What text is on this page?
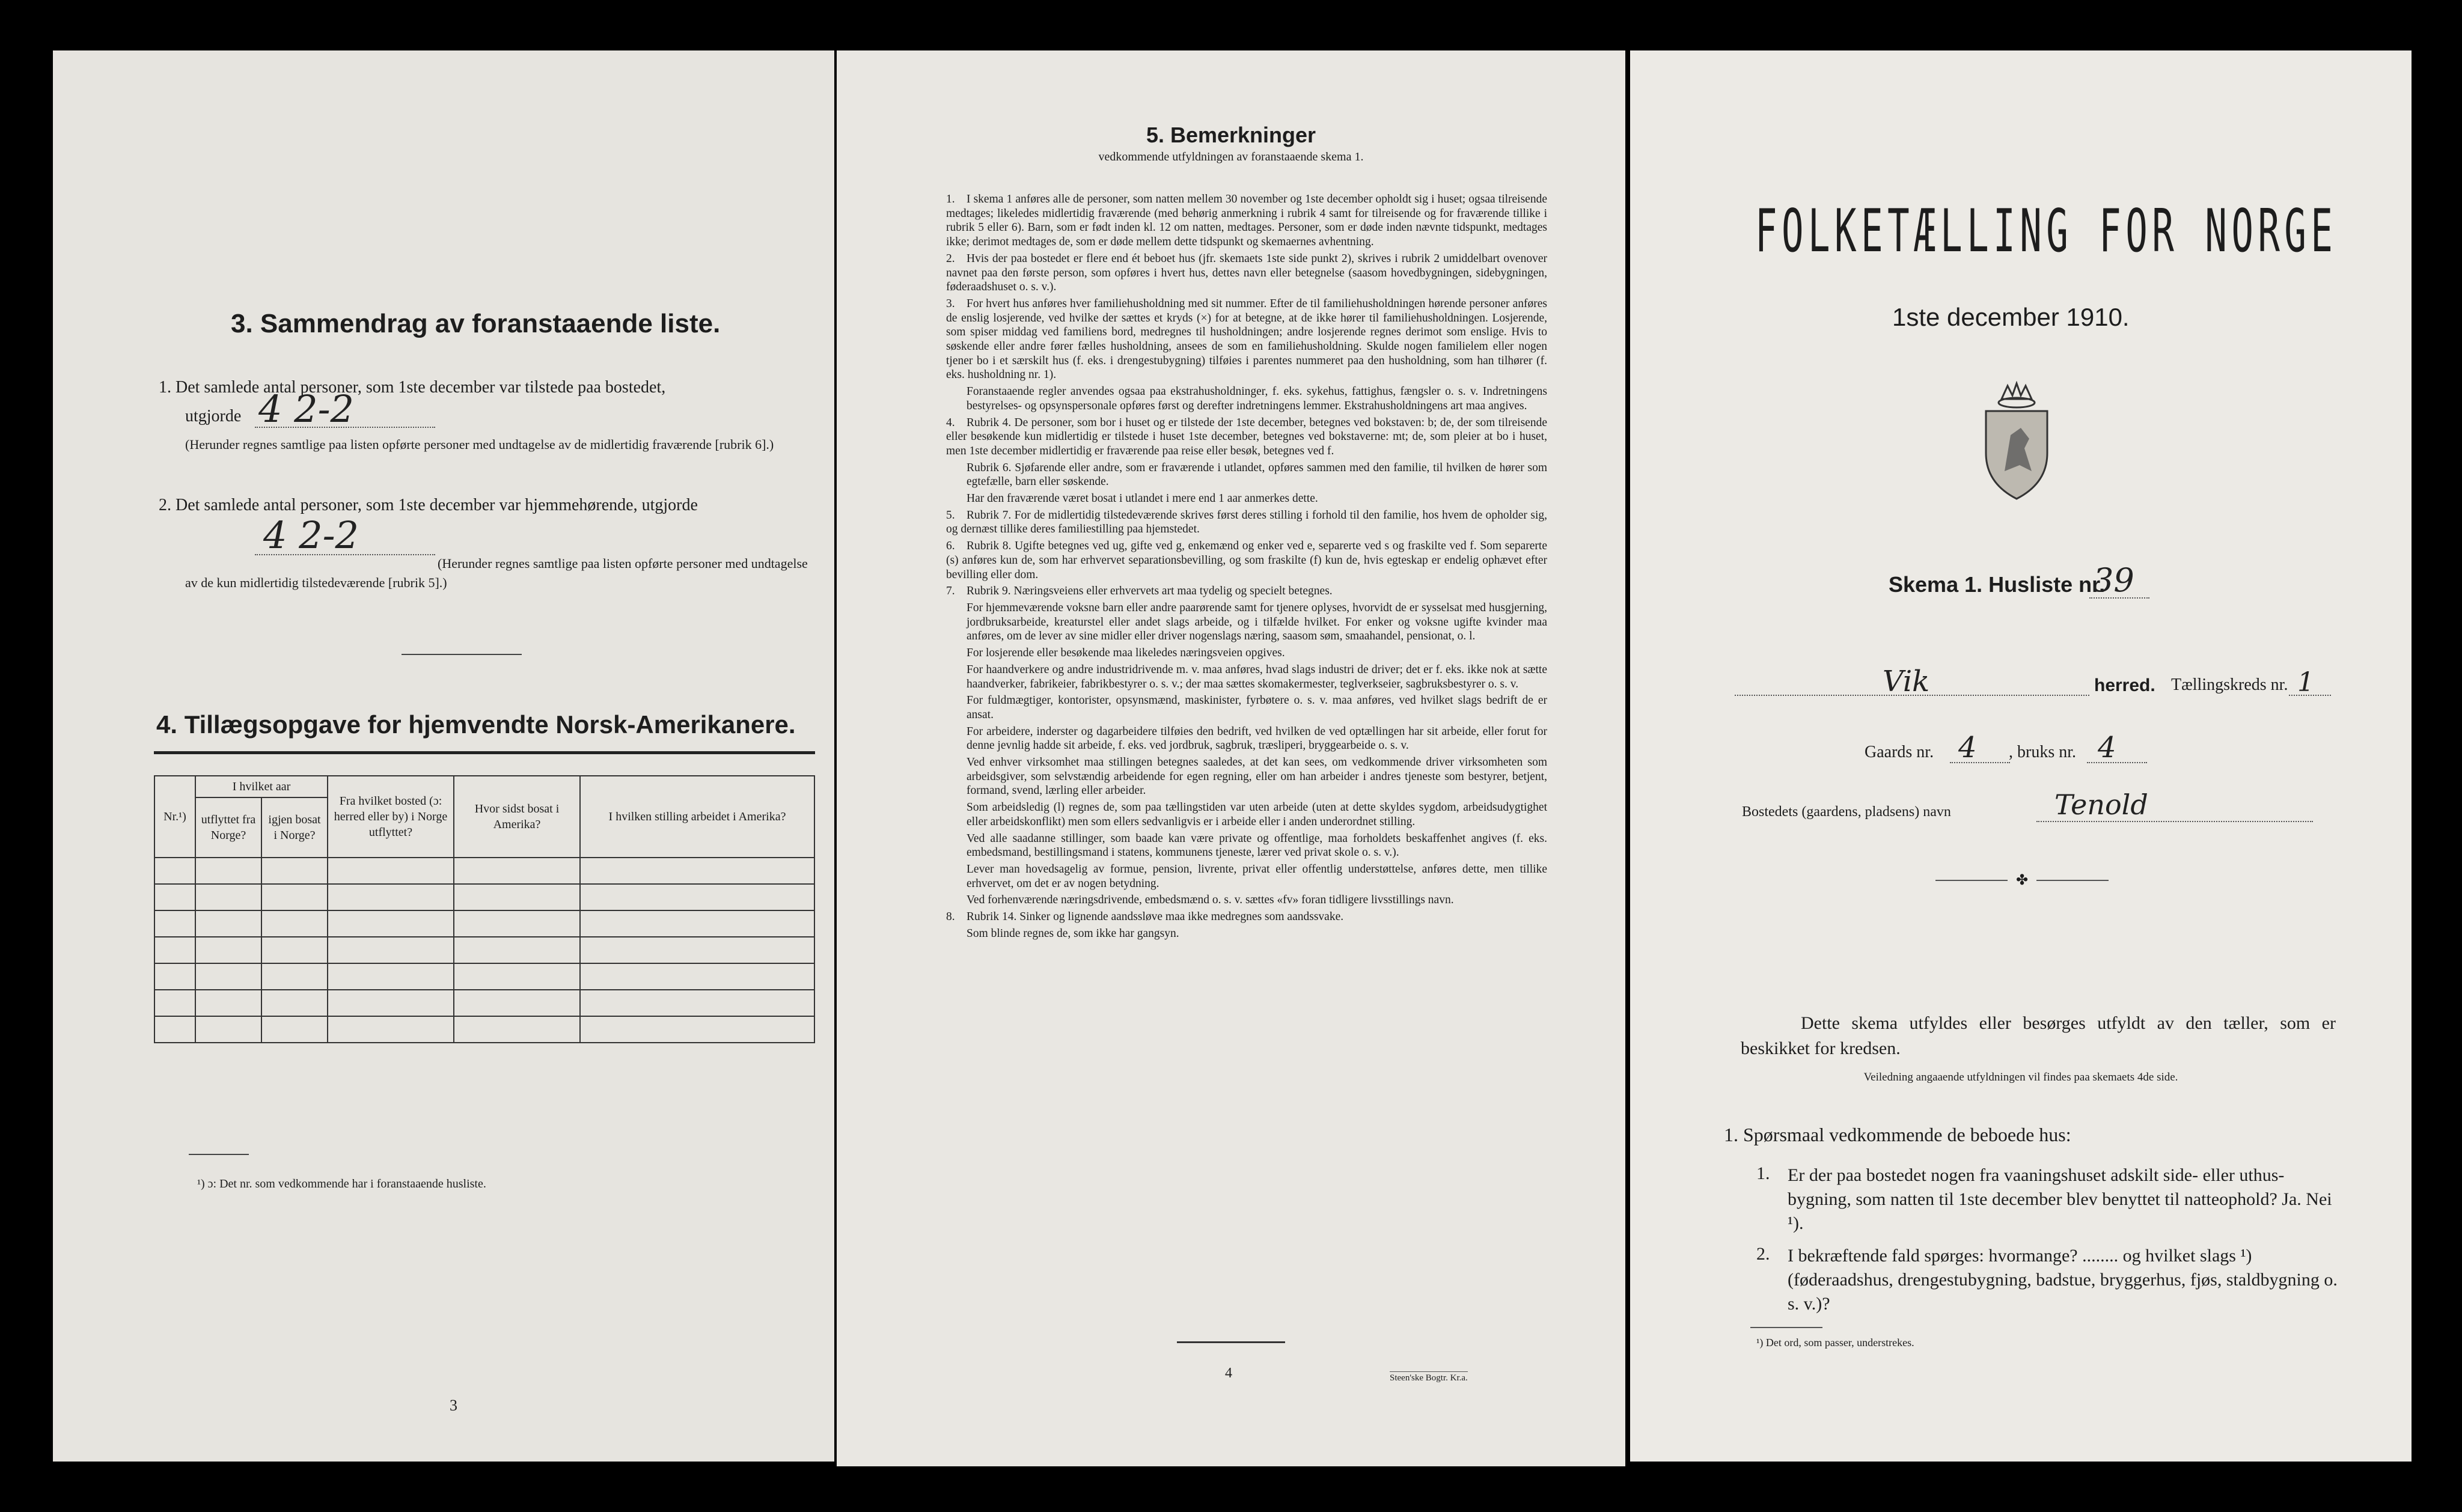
3. Sammendrag av foranstaaende liste.
1. Det samlede antal personer, som 1ste december var tilstede paa bostedet,
utgjorde 4 2-2
(Herunder regnes samtlige paa listen opførte personer med undtagelse av de midlertidig fraværende [rubrik 6].)
2. Det samlede antal personer, som 1ste december var hjemmehørende, utgjorde
4 2-2
(Herunder regnes samtlige paa listen opførte personer med undtagelse av de kun midlertidig tilstedeværende [rubrik 5].)
4. Tillægsopgave for hjemvendte Norsk-Amerikanere.
Nr.¹)	I hvilket aar		Fra hvilket bosted (ɔ: herred eller by) i Norge utflyttet?	Hvor sidst bosat i Amerika?	I hvilken stilling arbeidet i Amerika?
	utflyttet fra Norge?	igjen bosat i Norge?			

¹) ɔ: Det nr. som vedkommende har i foranstaaende husliste.
3
5. Bemerkninger
vedkommende utfyldningen av foranstaaende skema 1.

1. I skema 1 anføres alle de personer, som natten mellem 30 november og 1ste december opholdt sig i huset; ogsaa tilreisende medtages; likeledes midlertidig fraværende (med behørig anmerkning i rubrik 4 samt for tilreisende og for fraværende tillike i rubrik 5 eller 6). Barn, som er født inden kl. 12 om natten, medtages. Personer, som er døde inden nævnte tidspunkt, medtages ikke; derimot medtages de, som er døde mellem dette tidspunkt og skemaernes avhentning.

2. Hvis der paa bostedet er flere end ét beboet hus (jfr. skemaets 1ste side punkt 2), skrives i rubrik 2 umiddelbart ovenover navnet paa den første person, som opføres i hvert hus, dettes navn eller betegnelse (saasom hovedbygningen, sidebygningen, føderaadshuset o. s. v.).

3. For hvert hus anføres hver familiehusholdning med sit nummer. Efter de til familiehusholdningen hørende personer anføres de enslig losjerende, ved hvilke der sættes et kryds (×) for at betegne, at de ikke hører til familiehusholdningen. Losjerende, som spiser middag ved familiens bord, medregnes til husholdningen; andre losjerende regnes derimot som enslige. Hvis to søskende eller andre fører fælles husholdning, ansees de som en familiehusholdning. Skulde nogen familielem eller nogen tjener bo i et særskilt hus (f. eks. i drengestubygning) tilføies i parentes nummeret paa den husholdning, som han tilhører (f. eks. husholdning nr. 1).

Foranstaaende regler anvendes ogsaa paa ekstrahusholdninger, f. eks. sykehus, fattighus, fængsler o. s. v. Indretningens bestyrelses- og opsynspersonale opføres først og derefter indretningens lemmer. Ekstrahusholdningens art maa angives.

4. Rubrik 4. De personer, som bor i huset og er tilstede der 1ste december, betegnes ved bokstaven: b; de, der som tilreisende eller besøkende kun midlertidig er tilstede i huset 1ste december, betegnes ved bokstaverne: mt; de, som pleier at bo i huset, men 1ste december midlertidig er fraværende paa reise eller besøk, betegnes ved f.

Rubrik 6. Sjøfarende eller andre, som er fraværende i utlandet, opføres sammen med den familie, til hvilken de hører som egtefælle, barn eller søskende.

Har den fraværende været bosat i utlandet i mere end 1 aar anmerkes dette.

5. Rubrik 7. For de midlertidig tilstedeværende skrives først deres stilling i forhold til den familie, hos hvem de opholder sig, og dernæst tillike deres familiestilling paa hjemstedet.

6. Rubrik 8. Ugifte betegnes ved ug, gifte ved g, enkemænd og enker ved e, separerte ved s og fraskilte ved f. Som separerte (s) anføres kun de, som har erhvervet separationsbevilling, og som fraskilte (f) kun de, hvis egteskap er endelig ophævet efter bevilling eller dom.

7. Rubrik 9. Næringsveiens eller erhvervets art maa tydelig og specielt betegnes.

For hjemmeværende voksne barn eller andre paarørende samt for tjenere oplyses, hvorvidt de er sysselsat med husgjerning, jordbruksarbeide, kreaturstel eller andet slags arbeide, og i tilfælde hvilket. For enker og voksne ugifte kvinder maa anføres, om de lever av sine midler eller driver nogenslags næring, saasom søm, smaahandel, pensionat, o. l.

For losjerende eller besøkende maa likeledes næringsveien opgives.

For haandverkere og andre industridrivende m. v. maa anføres, hvad slags industri de driver; det er f. eks. ikke nok at sætte haandverker, fabrikeier, fabrikbestyrer o. s. v.; der maa sættes skomakermester, teglverkseier, sagbruksbestyrer o. s. v.

For fuldmægtiger, kontorister, opsynsmænd, maskinister, fyrbøtere o. s. v. maa anføres, ved hvilket slags bedrift de er ansat.

For arbeidere, inderster og dagarbeidere tilføies den bedrift, ved hvilken de ved optællingen har sit arbeide, eller forut for denne jevnlig hadde sit arbeide, f. eks. ved jordbruk, sagbruk, træsliperi, bryggearbeide o. s. v.

Ved enhver virksomhet maa stillingen betegnes saaledes, at det kan sees, om vedkommende driver virksomheten som arbeidsgiver, som selvstændig arbeidende for egen regning, eller om han arbeider i andres tjeneste som bestyrer, betjent, formand, svend, lærling eller arbeider.

Som arbeidsledig (l) regnes de, som paa tællingstiden var uten arbeide (uten at dette skyldes sygdom, arbeidsudygtighet eller arbeidskonflikt) men som ellers sedvanligvis er i arbeide eller i anden underordnet stilling.

Ved alle saadanne stillinger, som baade kan være private og offentlige, maa forholdets beskaffenhet angives (f. eks. embedsmand, bestillingsmand i statens, kommunens tjeneste, lærer ved privat skole o. s. v.).

Lever man hovedsagelig av formue, pension, livrente, privat eller offentlig understøttelse, anføres dette, men tillike erhvervet, om det er av nogen betydning.

Ved forhenværende næringsdrivende, embedsmænd o. s. v. sættes «fv» foran tidligere livsstillings navn.

8. Rubrik 14. Sinker og lignende aandssløve maa ikke medregnes som aandssvake.

Som blinde regnes de, som ikke har gangsyn.

4	Steen'ske Bogtr. Kr.a.
FOLKETÆLLING FOR NORGE
1ste december 1910.
Skema 1. Husliste nr.
39
Vik	herred. Tællingskreds nr. 1
Gaards nr. 4 , bruks nr. 4
Bostedets (gaardens, pladsens) navn	Tenold
✤
Dette skema utfyldes eller besørges utfyldt av den tæller, som er beskikket for kredsen.
Veiledning angaaende utfyldningen vil findes paa skemaets 4de side.
1. Spørsmaal vedkommende de beboede hus:
1. Er der paa bostedet nogen fra vaaningshuset adskilt side- eller uthus-bygning, som natten til 1ste december blev benyttet til natteophold? Ja. Nei ¹).
2. I bekræftende fald spørges: hvormange? ........ og hvilket slags ¹) (føderaadshus, drengestubygning, badstue, bryggerhus, fjøs, staldbygning o. s. v.)?
¹) Det ord, som passer, understrekes.
